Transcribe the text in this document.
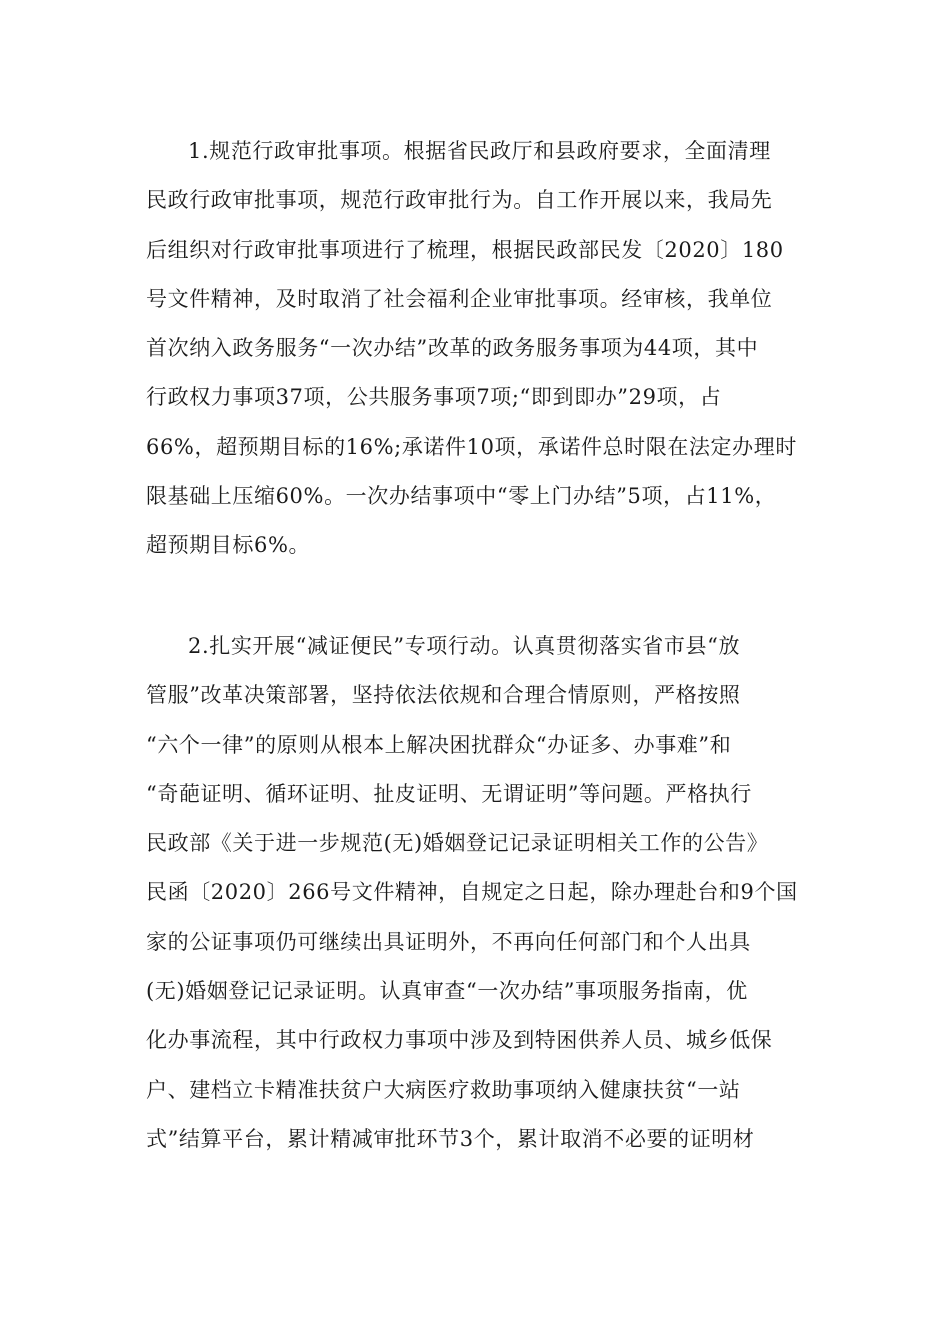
1.规范行政审批事项。根据省民政厅和县政府要求，全面清理
民政行政审批事项，规范行政审批行为。自工作开展以来，我局先
后组织对行政审批事项进行了梳理，根据民政部民发〔2020〕180
号文件精神，及时取消了社会福利企业审批事项。经审核，我单位
首次纳入政务服务“一次办结”改革的政务服务事项为44项，其中
行政权力事项37项，公共服务事项7项;“即到即办”29项，占
66%，超预期目标的16%;承诺件10项，承诺件总时限在法定办理时
限基础上压缩60%。一次办结事项中“零上门办结”5项，占11%，
超预期目标6%。
2.扎实开展“减证便民”专项行动。认真贯彻落实省市县“放
管服”改革决策部署，坚持依法依规和合理合情原则，严格按照
“六个一律”的原则从根本上解决困扰群众“办证多、办事难”和
“奇葩证明、循环证明、扯皮证明、无谓证明”等问题。严格执行
民政部《关于进一步规范(无)婚姻登记记录证明相关工作的公告》
民函〔2020〕266号文件精神，自规定之日起，除办理赴台和9个国
家的公证事项仍可继续出具证明外，不再向任何部门和个人出具
(无)婚姻登记记录证明。认真审查“一次办结”事项服务指南，优
化办事流程，其中行政权力事项中涉及到特困供养人员、城乡低保
户、建档立卡精准扶贫户大病医疗救助事项纳入健康扶贫“一站
式”结算平台，累计精减审批环节3个，累计取消不必要的证明材
